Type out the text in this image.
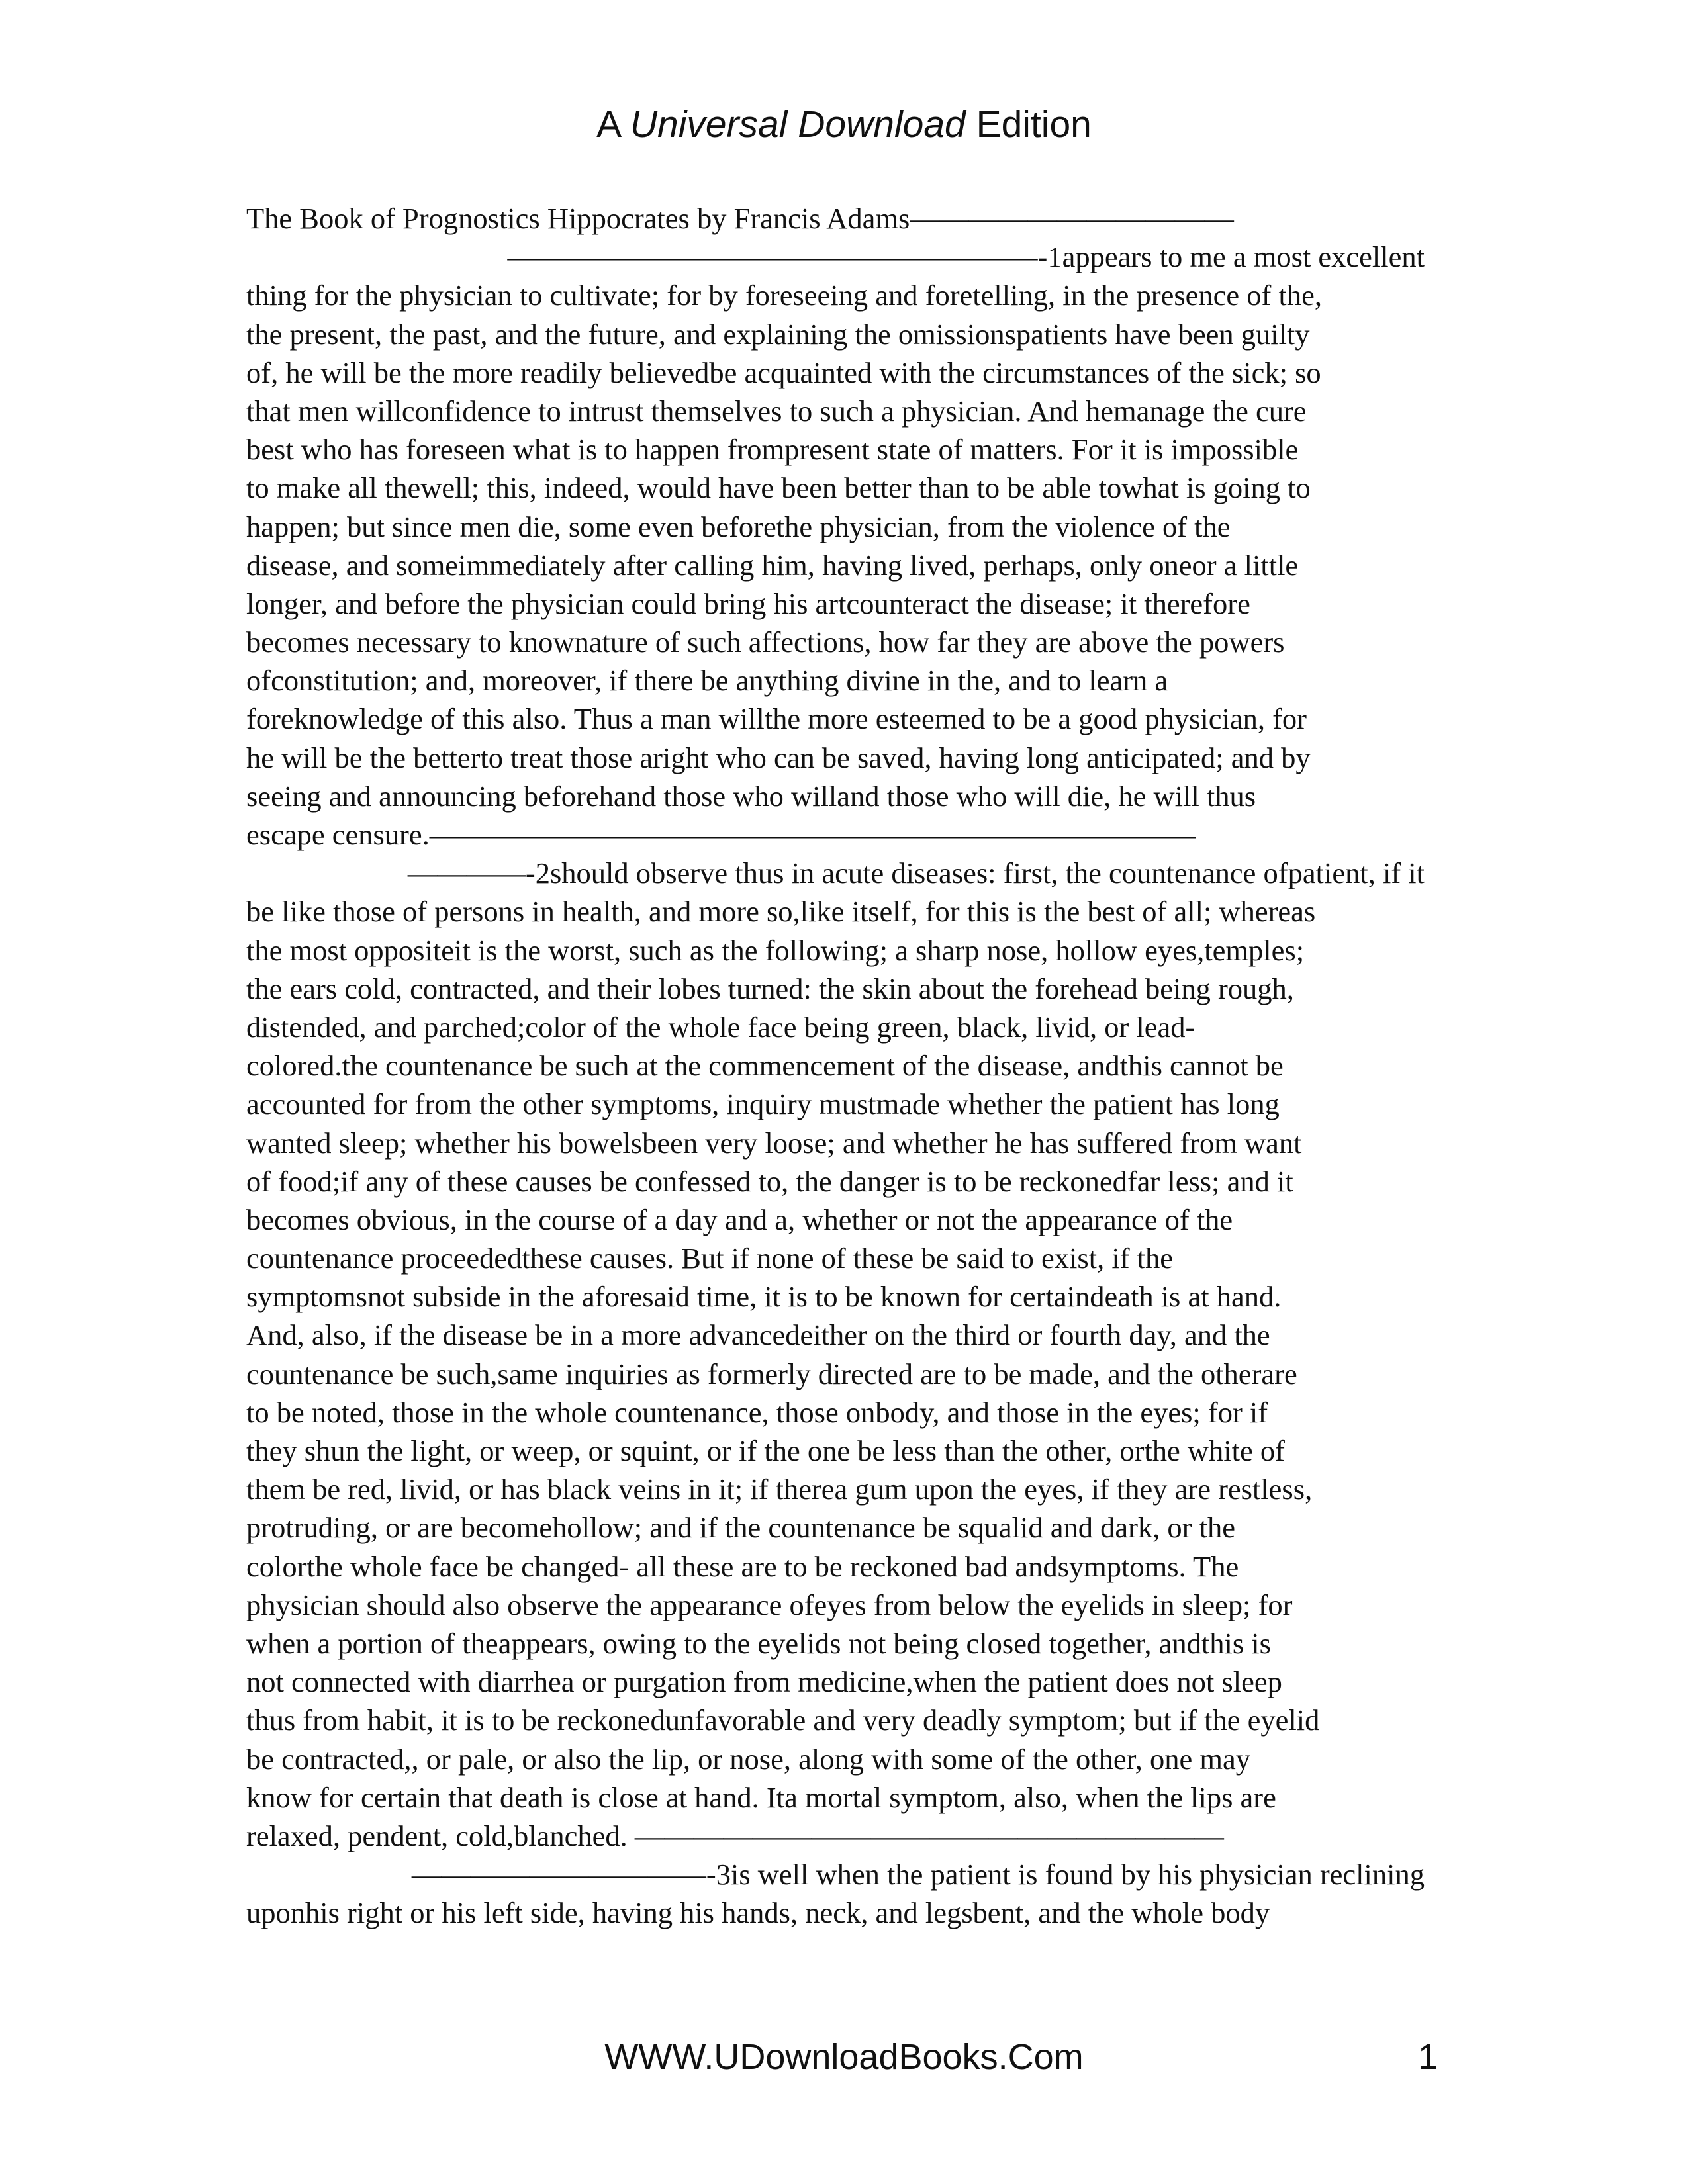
A Universal Download Edition
The Book of Prognostics Hippocrates by Francis Adams———————————
——————————————————-1appears to me a most excellent
thing for the physician to cultivate; for by foreseeing and foretelling, in the presence of the,
the present, the past, and the future, and explaining the omissionspatients have been guilty
of, he will be the more readily believedbe acquainted with the circumstances of the sick; so
that men willconfidence to intrust themselves to such a physician. And hemanage the cure
best who has foreseen what is to happen frompresent state of matters. For it is impossible
to make all thewell; this, indeed, would have been better than to be able towhat is going to
happen; but since men die, some even beforethe physician, from the violence of the
disease, and someimmediately after calling him, having lived, perhaps, only oneor a little
longer, and before the physician could bring his artcounteract the disease; it therefore
becomes necessary to knownature of such affections, how far they are above the powers
ofconstitution; and, moreover, if there be anything divine in the, and to learn a
foreknowledge of this also. Thus a man willthe more esteemed to be a good physician, for
he will be the betterto treat those aright who can be saved, having long anticipated; and by
seeing and announcing beforehand those who willand those who will die, he will thus
escape censure.——————————————————————————
————-2should observe thus in acute diseases: first, the countenance ofpatient, if it
be like those of persons in health, and more so,like itself, for this is the best of all; whereas
the most oppositeit is the worst, such as the following; a sharp nose, hollow eyes,temples;
the ears cold, contracted, and their lobes turned: the skin about the forehead being rough,
distended, and parched;color of the whole face being green, black, livid, or lead-
colored.the countenance be such at the commencement of the disease, andthis cannot be
accounted for from the other symptoms, inquiry mustmade whether the patient has long
wanted sleep; whether his bowelsbeen very loose; and whether he has suffered from want
of food;if any of these causes be confessed to, the danger is to be reckonedfar less; and it
becomes obvious, in the course of a day and a, whether or not the appearance of the
countenance proceededthese causes. But if none of these be said to exist, if the
symptomsnot subside in the aforesaid time, it is to be known for certaindeath is at hand.
And, also, if the disease be in a more advancedeither on the third or fourth day, and the
countenance be such,same inquiries as formerly directed are to be made, and the otherare
to be noted, those in the whole countenance, those onbody, and those in the eyes; for if
they shun the light, or weep, or squint, or if the one be less than the other, orthe white of
them be red, livid, or has black veins in it; if therea gum upon the eyes, if they are restless,
protruding, or are becomehollow; and if the countenance be squalid and dark, or the
colorthe whole face be changed- all these are to be reckoned bad andsymptoms. The
physician should also observe the appearance ofeyes from below the eyelids in sleep; for
when a portion of theappears, owing to the eyelids not being closed together, andthis is
not connected with diarrhea or purgation from medicine,when the patient does not sleep
thus from habit, it is to be reckonedunfavorable and very deadly symptom; but if the eyelid
be contracted,, or pale, or also the lip, or nose, along with some of the other, one may
know for certain that death is close at hand. Ita mortal symptom, also, when the lips are
relaxed, pendent, cold,blanched. ————————————————————
——————————-3is well when the patient is found by his physician reclining
uponhis right or his left side, having his hands, neck, and legsbent, and the whole body
WWW.UDownloadBooks.Com	1
